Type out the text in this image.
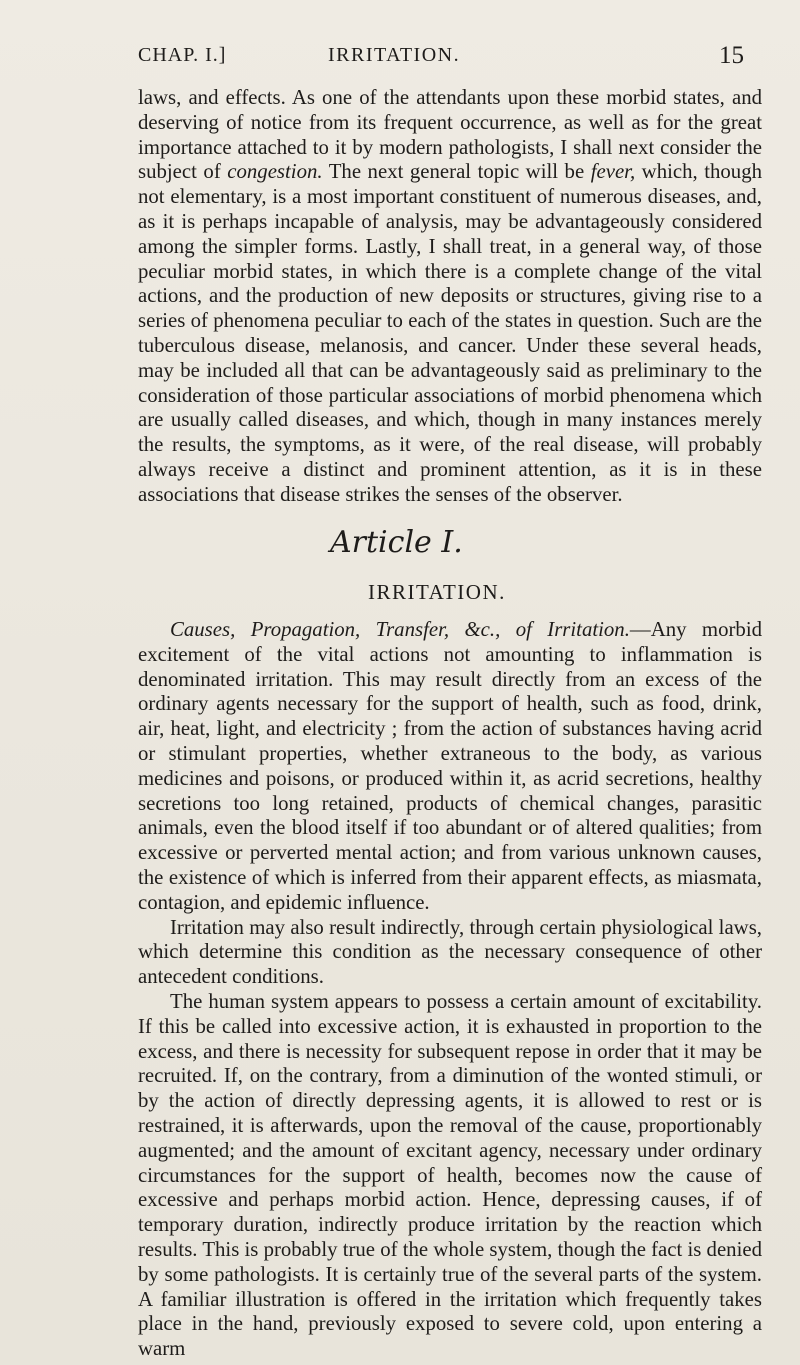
CHAP. I.]	IRRITATION.	15

laws, and effects. As one of the attendants upon these morbid states, and deserving of notice from its frequent occurrence, as well as for the great importance attached to it by modern pathologists, I shall next consider the subject of congestion. The next general topic will be fever, which, though not elementary, is a most important constituent of numerous diseases, and, as it is perhaps incapable of analysis, may be advantageously considered among the simpler forms. Lastly, I shall treat, in a general way, of those peculiar morbid states, in which there is a complete change of the vital actions, and the production of new deposits or structures, giving rise to a series of phenomena peculiar to each of the states in question. Such are the tuberculous disease, melanosis, and cancer. Under these several heads, may be included all that can be advantageously said as preliminary to the consideration of those particular associations of morbid phenomena which are usually called diseases, and which, though in many instances merely the results, the symptoms, as it were, of the real disease, will probably always receive a distinct and prominent attention, as it is in these associations that disease strikes the senses of the observer.

Article I.
IRRITATION.

Causes, Propagation, Transfer, &c., of Irritation.—Any morbid excitement of the vital actions not amounting to inflammation is denominated irritation. This may result directly from an excess of the ordinary agents necessary for the support of health, such as food, drink, air, heat, light, and electricity ; from the action of substances having acrid or stimulant properties, whether extraneous to the body, as various medicines and poisons, or produced within it, as acrid secretions, healthy secretions too long retained, products of chemical changes, parasitic animals, even the blood itself if too abundant or of altered qualities; from excessive or perverted mental action; and from various unknown causes, the existence of which is inferred from their apparent effects, as miasmata, contagion, and epidemic influence.

Irritation may also result indirectly, through certain physiological laws, which determine this condition as the necessary consequence of other antecedent conditions.

The human system appears to possess a certain amount of excitability. If this be called into excessive action, it is exhausted in proportion to the excess, and there is necessity for subsequent repose in order that it may be recruited. If, on the contrary, from a diminution of the wonted stimuli, or by the action of directly depressing agents, it is allowed to rest or is restrained, it is afterwards, upon the removal of the cause, proportionably augmented; and the amount of excitant agency, necessary under ordinary circumstances for the support of health, becomes now the cause of excessive and perhaps morbid action. Hence, depressing causes, if of temporary duration, indirectly produce irritation by the reaction which results. This is probably true of the whole system, though the fact is denied by some pathologists. It is certainly true of the several parts of the system. A familiar illustration is offered in the irritation which frequently takes place in the hand, previously exposed to severe cold, upon entering a warm
